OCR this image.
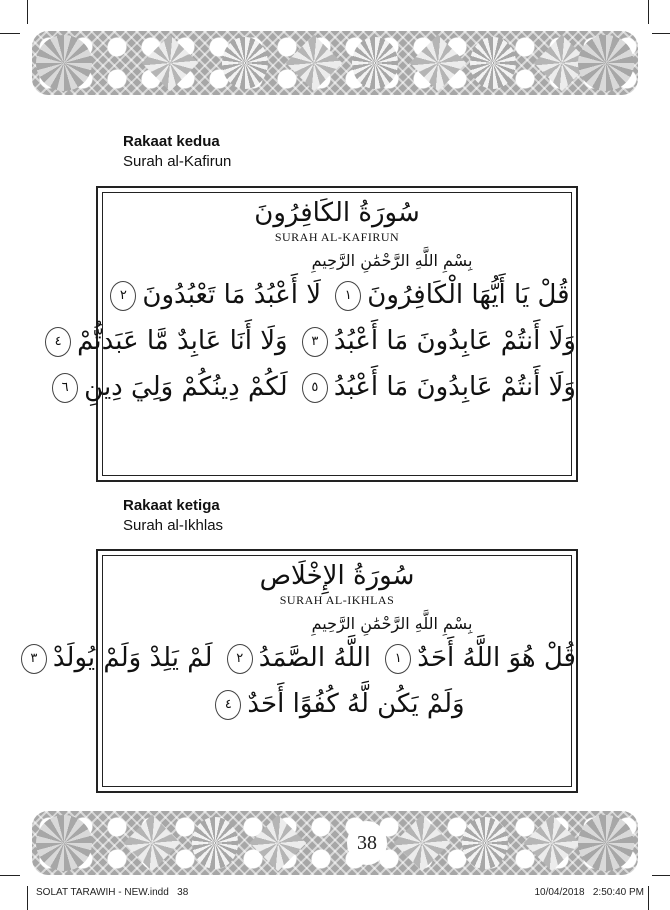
Rakaat kedua
Surah al-Kafirun
سُورَةُ الكَافِرُونَ
SURAH AL-KAFIRUN
بِسْمِ اللَّهِ الرَّحْمَٰنِ الرَّحِيمِ
قُلْ يَا أَيُّهَا الْكَافِرُونَ١ لَا أَعْبُدُ مَا تَعْبُدُونَ٢
وَلَا أَنتُمْ عَابِدُونَ مَا أَعْبُدُ٣ وَلَا أَنَا عَابِدٌ مَّا عَبَدتُّمْ٤
وَلَا أَنتُمْ عَابِدُونَ مَا أَعْبُدُ٥ لَكُمْ دِينُكُمْ وَلِيَ دِينِ٦
Rakaat ketiga
Surah al-Ikhlas
سُورَةُ الإِخْلَاص
SURAH AL-IKHLAS
بِسْمِ اللَّهِ الرَّحْمَٰنِ الرَّحِيمِ
قُلْ هُوَ اللَّهُ أَحَدٌ١ اللَّهُ الصَّمَدُ٢ لَمْ يَلِدْ وَلَمْ يُولَدْ٣
وَلَمْ يَكُن لَّهُ كُفُوًا أَحَدٌ٤
38
SOLAT TARAWIH - NEW.indd   38	10/04/2018   2:50:40 PM
